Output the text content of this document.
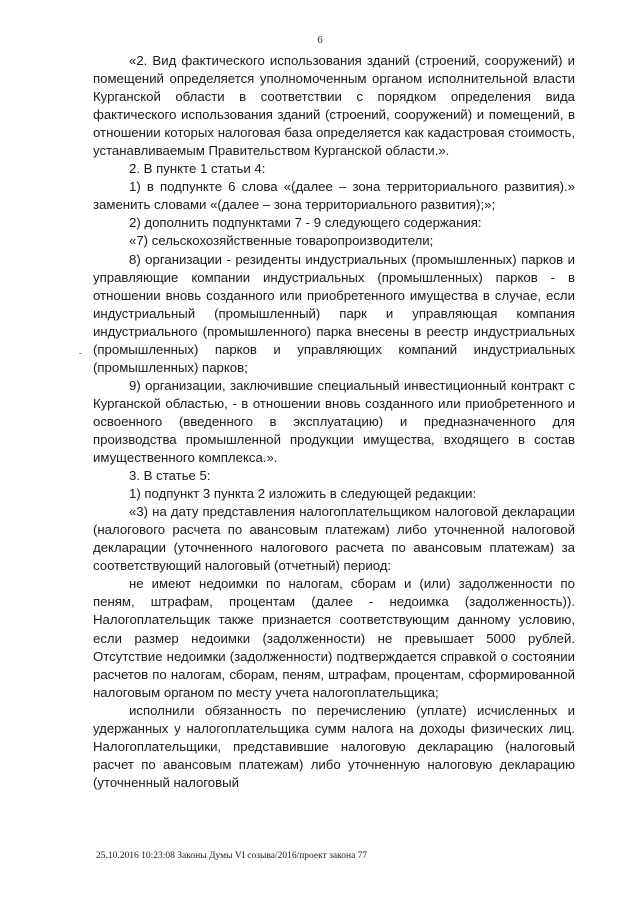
6

«2. Вид фактического использования зданий (строений, сооружений) и помещений определяется уполномоченным органом исполнительной власти Курганской области в соответствии с порядком определения вида фактического использования зданий (строений, сооружений) и помещений, в отношении которых налоговая база определяется как кадастровая стоимость, устанавливаемым Правительством Курганской области.».

2. В пункте 1 статьи 4:

1) в подпункте 6 слова «(далее – зона территориального развития).» заменить словами «(далее – зона территориального развития);»;

2) дополнить подпунктами 7 - 9 следующего содержания:

«7) сельскохозяйственные товаропроизводители;

8) организации - резиденты индустриальных (промышленных) парков и управляющие компании индустриальных (промышленных) парков - в отношении вновь созданного или приобретенного имущества в случае, если индустриальный (промышленный) парк и управляющая компания индустриального (промышленного) парка внесены в реестр индустриальных (промышленных) парков и управляющих компаний индустриальных (промышленных) парков;

9) организации, заключившие специальный инвестиционный контракт с Курганской областью, - в отношении вновь созданного или приобретенного и освоенного (введенного в эксплуатацию) и предназначенного для производства промышленной продукции имущества, входящего в состав имущественного комплекса.».

3. В статье 5:

1) подпункт 3 пункта 2 изложить в следующей редакции:

«3) на дату представления налогоплательщиком налоговой декларации (налогового расчета по авансовым платежам) либо уточненной налоговой декларации (уточненного налогового расчета по авансовым платежам) за соответствующий налоговый (отчетный) период:

не имеют недоимки по налогам, сборам и (или) задолженности по пеням, штрафам, процентам (далее - недоимка (задолженность)). Налогоплательщик также признается соответствующим данному условию, если размер недоимки (задолженности) не превышает 5000 рублей. Отсутствие недоимки (задолженности) подтверждается справкой о состоянии расчетов по налогам, сборам, пеням, штрафам, процентам, сформированной налоговым органом по месту учета налогоплательщика;

исполнили обязанность по перечислению (уплате) исчисленных и удержанных у налогоплательщика сумм налога на доходы физических лиц. Налогоплательщики, представившие налоговую декларацию (налоговый расчет по авансовым платежам) либо уточненную налоговую декларацию (уточненный налоговый

25.10.2016 10:23:08 Законы Думы VI созыва/2016/проект закона 77
